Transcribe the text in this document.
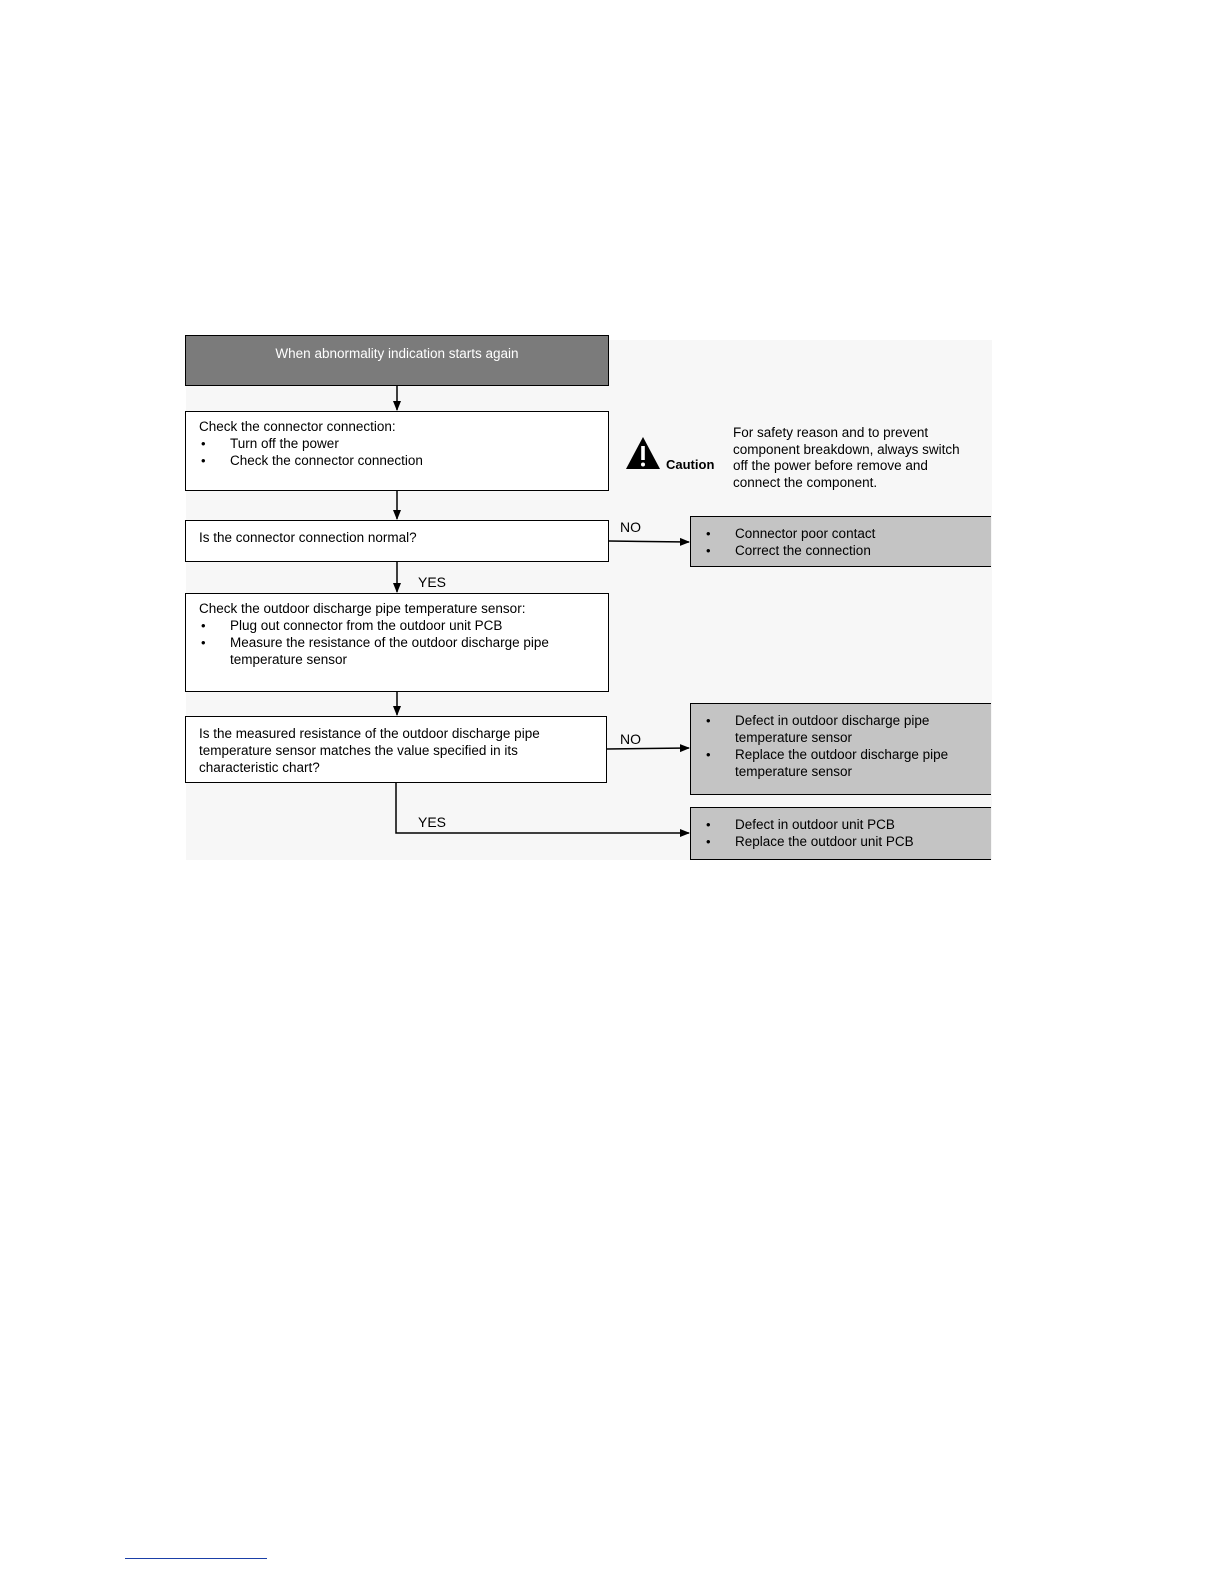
When abnormality indication starts again
Check the connector connection:
• Turn off the power
• Check the connector connection	Caution
For safety reason and to prevent component breakdown, always switch off the power before remove and connect the component.
Is the connector connection normal?
NO	• Connector poor contact
• Correct the connection
YES
Check the outdoor discharge pipe temperature sensor:
• Plug out connector from the outdoor unit PCB
• Measure the resistance of the outdoor discharge pipe temperature sensor
Is the measured resistance of the outdoor discharge pipe temperature sensor matches the value specified in its characteristic chart?
NO
• Defect in outdoor discharge pipe temperature sensor
• Replace the outdoor discharge pipe temperature sensor
YES	• Defect in outdoor unit PCB
• Replace the outdoor unit PCB
